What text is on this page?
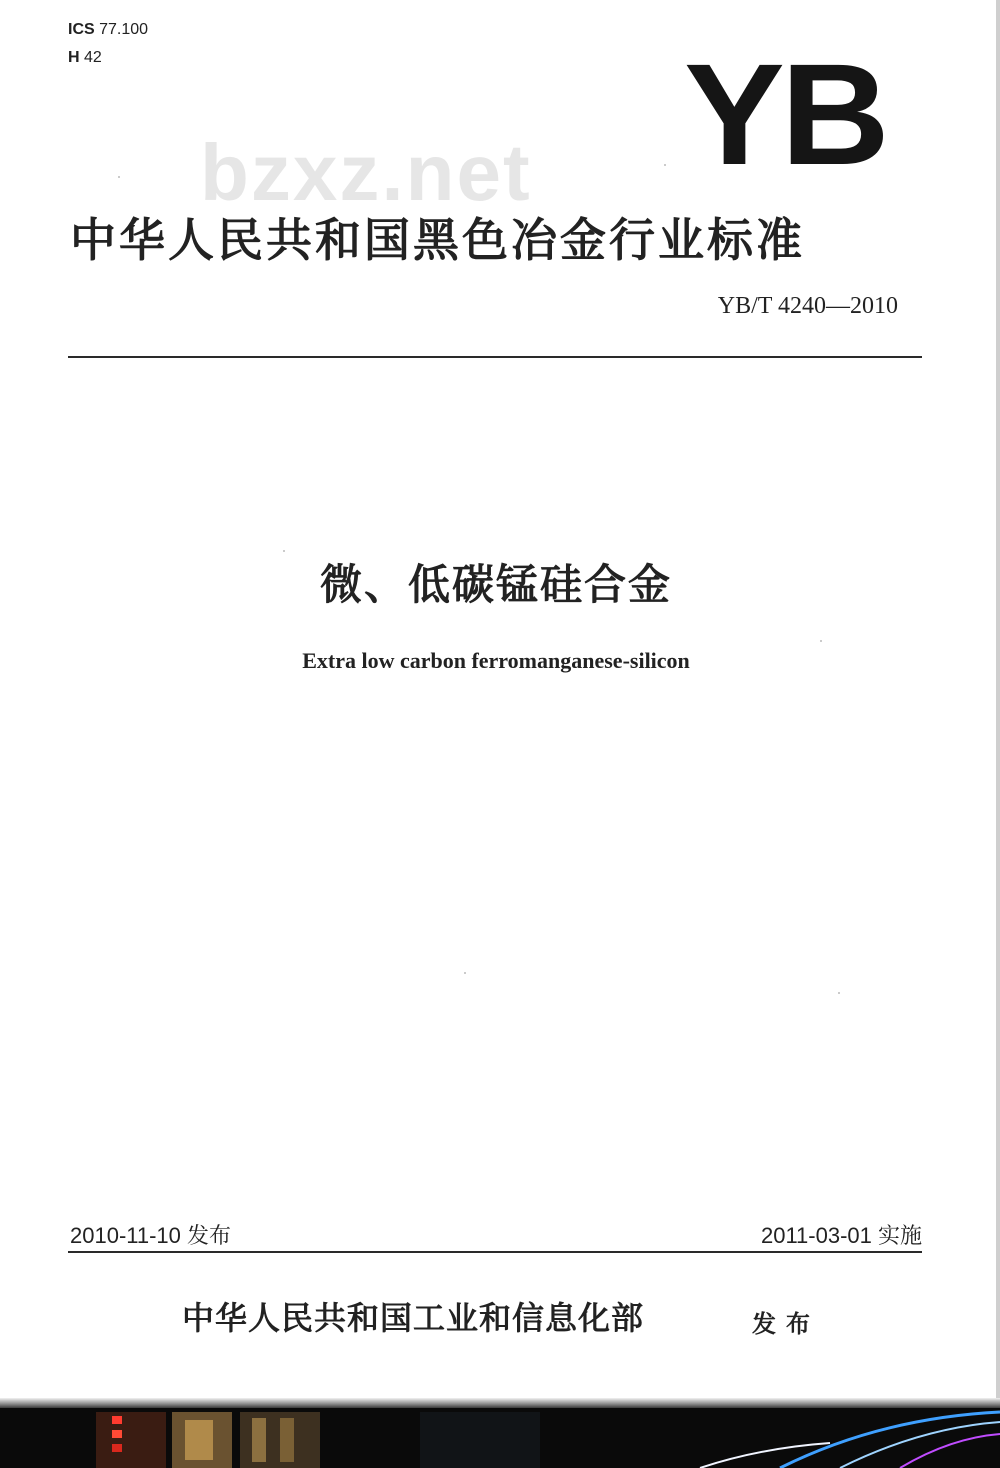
ICS 77.100
H 42
bzxz.net YB
中华人民共和国黑色冶金行业标准
YB/T 4240—2010
微、低碳锰硅合金
Extra low carbon ferromanganese-silicon
2010-11-10 发布	2011-03-01 实施
中华人民共和国工业和信息化部	发布
